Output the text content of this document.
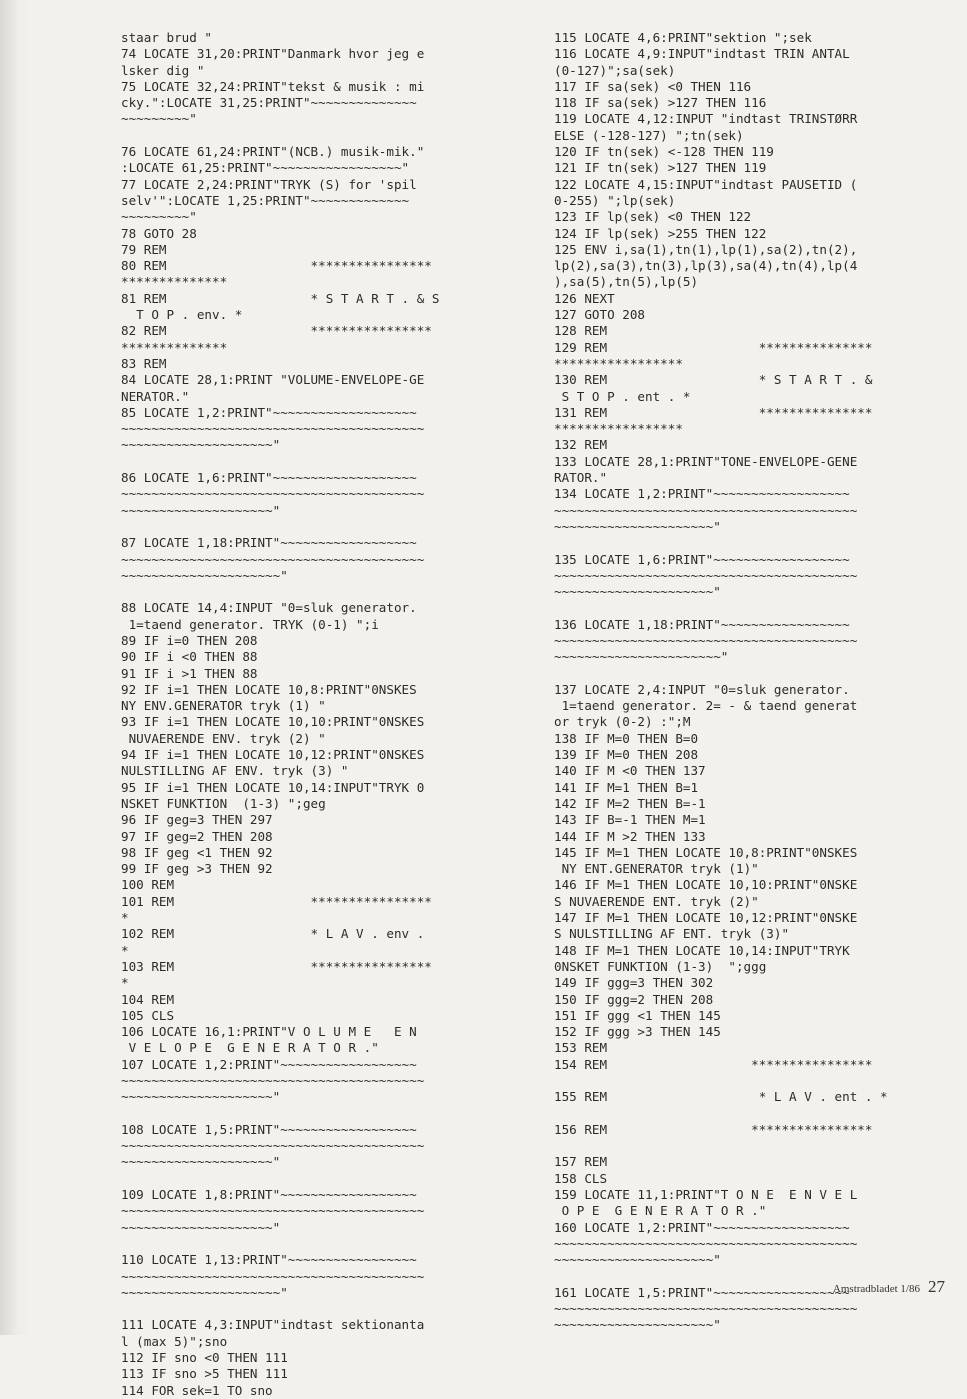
staar brud "
74 LOCATE 31,20:PRINT"Danmark hvor jeg e
lsker dig "
75 LOCATE 32,24:PRINT"tekst & musik : mi
cky.":LOCATE 31,25:PRINT"~~~~~~~~~~~~~~
~~~~~~~~~"
76 LOCATE 61,24:PRINT"(NCB.) musik-mik."
:LOCATE 61,25:PRINT"~~~~~~~~~~~~~~~~~"
77 LOCATE 2,24:PRINT"TRYK (S) for 'spil
selv'":LOCATE 1,25:PRINT"~~~~~~~~~~~~~
~~~~~~~~~"
78 GOTO 28
79 REM
80 REM                   ****************
**************
81 REM                   * S T A R T . & S
T O P . env. *
82 REM                   ****************
**************
83 REM
84 LOCATE 28,1:PRINT "VOLUME-ENVELOPE-GE
NERATOR."
85 LOCATE 1,2:PRINT"~~~~~~~~~~~~~~~~~~~
~~~~~~~~~~~~~~~~~~~~~~~~~~~~~~~~~~~~~~~~
~~~~~~~~~~~~~~~~~~~~"
86 LOCATE 1,6:PRINT"~~~~~~~~~~~~~~~~~~~
~~~~~~~~~~~~~~~~~~~~~~~~~~~~~~~~~~~~~~~~
~~~~~~~~~~~~~~~~~~~~"
87 LOCATE 1,18:PRINT"~~~~~~~~~~~~~~~~~~
~~~~~~~~~~~~~~~~~~~~~~~~~~~~~~~~~~~~~~~~
~~~~~~~~~~~~~~~~~~~~~"
88 LOCATE 14,4:INPUT "0=sluk generator.
1=taend generator. TRYK (0-1) ";i
89 IF i=0 THEN 208
90 IF i <0 THEN 88
91 IF i >1 THEN 88
92 IF i=1 THEN LOCATE 10,8:PRINT"0NSKES
NY ENV.GENERATOR tryk (1) "
93 IF i=1 THEN LOCATE 10,10:PRINT"0NSKES
NUVAERENDE ENV. tryk (2) "
94 IF i=1 THEN LOCATE 10,12:PRINT"0NSKES
NULSTILLING AF ENV. tryk (3) "
95 IF i=1 THEN LOCATE 10,14:INPUT"TRYK 0
NSKET FUNKTION  (1-3) ";geg
96 IF geg=3 THEN 297
97 IF geg=2 THEN 208
98 IF geg <1 THEN 92
99 IF geg >3 THEN 92
100 REM
101 REM                  ****************
*
102 REM                  * L A V . env .
*
103 REM                  ****************
*
104 REM
105 CLS
106 LOCATE 16,1:PRINT"V O L U M E   E N
V E L O P E  G E N E R A T O R ."
107 LOCATE 1,2:PRINT"~~~~~~~~~~~~~~~~~~
~~~~~~~~~~~~~~~~~~~~~~~~~~~~~~~~~~~~~~~~
~~~~~~~~~~~~~~~~~~~~"
108 LOCATE 1,5:PRINT"~~~~~~~~~~~~~~~~~~
~~~~~~~~~~~~~~~~~~~~~~~~~~~~~~~~~~~~~~~~
~~~~~~~~~~~~~~~~~~~~"
109 LOCATE 1,8:PRINT"~~~~~~~~~~~~~~~~~~
~~~~~~~~~~~~~~~~~~~~~~~~~~~~~~~~~~~~~~~~
~~~~~~~~~~~~~~~~~~~~"
110 LOCATE 1,13:PRINT"~~~~~~~~~~~~~~~~~
~~~~~~~~~~~~~~~~~~~~~~~~~~~~~~~~~~~~~~~~
~~~~~~~~~~~~~~~~~~~~~"
111 LOCATE 4,3:INPUT"indtast sektionanta
l (max 5)";sno
112 IF sno <0 THEN 111
113 IF sno >5 THEN 111
114 FOR sek=1 TO sno
115 LOCATE 4,6:PRINT"sektion ";sek
116 LOCATE 4,9:INPUT"indtast TRIN ANTAL
(0-127)";sa(sek)
117 IF sa(sek) <0 THEN 116
118 IF sa(sek) >127 THEN 116
119 LOCATE 4,12:INPUT "indtast TRINSTØRR
ELSE (-128-127) ";tn(sek)
120 IF tn(sek) <-128 THEN 119
121 IF tn(sek) >127 THEN 119
122 LOCATE 4,15:INPUT"indtast PAUSETID (
0-255) ";lp(sek)
123 IF lp(sek) <0 THEN 122
124 IF lp(sek) >255 THEN 122
125 ENV i,sa(1),tn(1),lp(1),sa(2),tn(2),
lp(2),sa(3),tn(3),lp(3),sa(4),tn(4),lp(4
),sa(5),tn(5),lp(5)
126 NEXT
127 GOTO 208
128 REM
129 REM                    ***************
*****************
130 REM                    * S T A R T . &
S T O P . ent . *
131 REM                    ***************
*****************
132 REM
133 LOCATE 28,1:PRINT"TONE-ENVELOPE-GENE
RATOR."
134 LOCATE 1,2:PRINT"~~~~~~~~~~~~~~~~~~
~~~~~~~~~~~~~~~~~~~~~~~~~~~~~~~~~~~~~~~~
~~~~~~~~~~~~~~~~~~~~~"
135 LOCATE 1,6:PRINT"~~~~~~~~~~~~~~~~~~
~~~~~~~~~~~~~~~~~~~~~~~~~~~~~~~~~~~~~~~~
~~~~~~~~~~~~~~~~~~~~~"
136 LOCATE 1,18:PRINT"~~~~~~~~~~~~~~~~~
~~~~~~~~~~~~~~~~~~~~~~~~~~~~~~~~~~~~~~~~
~~~~~~~~~~~~~~~~~~~~~~"
137 LOCATE 2,4:INPUT "0=sluk generator.
1=taend generator. 2= - & taend generat
or tryk (0-2) :";M
138 IF M=0 THEN B=0
139 IF M=0 THEN 208
140 IF M <0 THEN 137
141 IF M=1 THEN B=1
142 IF M=2 THEN B=-1
143 IF B=-1 THEN M=1
144 IF M >2 THEN 133
145 IF M=1 THEN LOCATE 10,8:PRINT"0NSKES
NY ENT.GENERATOR tryk (1)"
146 IF M=1 THEN LOCATE 10,10:PRINT"0NSKE
S NUVAERENDE ENT. tryk (2)"
147 IF M=1 THEN LOCATE 10,12:PRINT"0NSKE
S NULSTILLING AF ENT. tryk (3)"
148 IF M=1 THEN LOCATE 10,14:INPUT"TRYK
0NSKET FUNKTION (1-3)  ";ggg
149 IF ggg=3 THEN 302
150 IF ggg=2 THEN 208
151 IF ggg <1 THEN 145
152 IF ggg >3 THEN 145
153 REM
154 REM                   ****************
155 REM                    * L A V . ent . *
156 REM                   ****************
157 REM
158 CLS
159 LOCATE 11,1:PRINT"T O N E  E N V E L
O P E  G E N E R A T O R ."
160 LOCATE 1,2:PRINT"~~~~~~~~~~~~~~~~~~
~~~~~~~~~~~~~~~~~~~~~~~~~~~~~~~~~~~~~~~~
~~~~~~~~~~~~~~~~~~~~~"
161 LOCATE 1,5:PRINT"~~~~~~~~~~~~~~~~~~
~~~~~~~~~~~~~~~~~~~~~~~~~~~~~~~~~~~~~~~~
~~~~~~~~~~~~~~~~~~~~~"
Amstradbladet 1/86 27
